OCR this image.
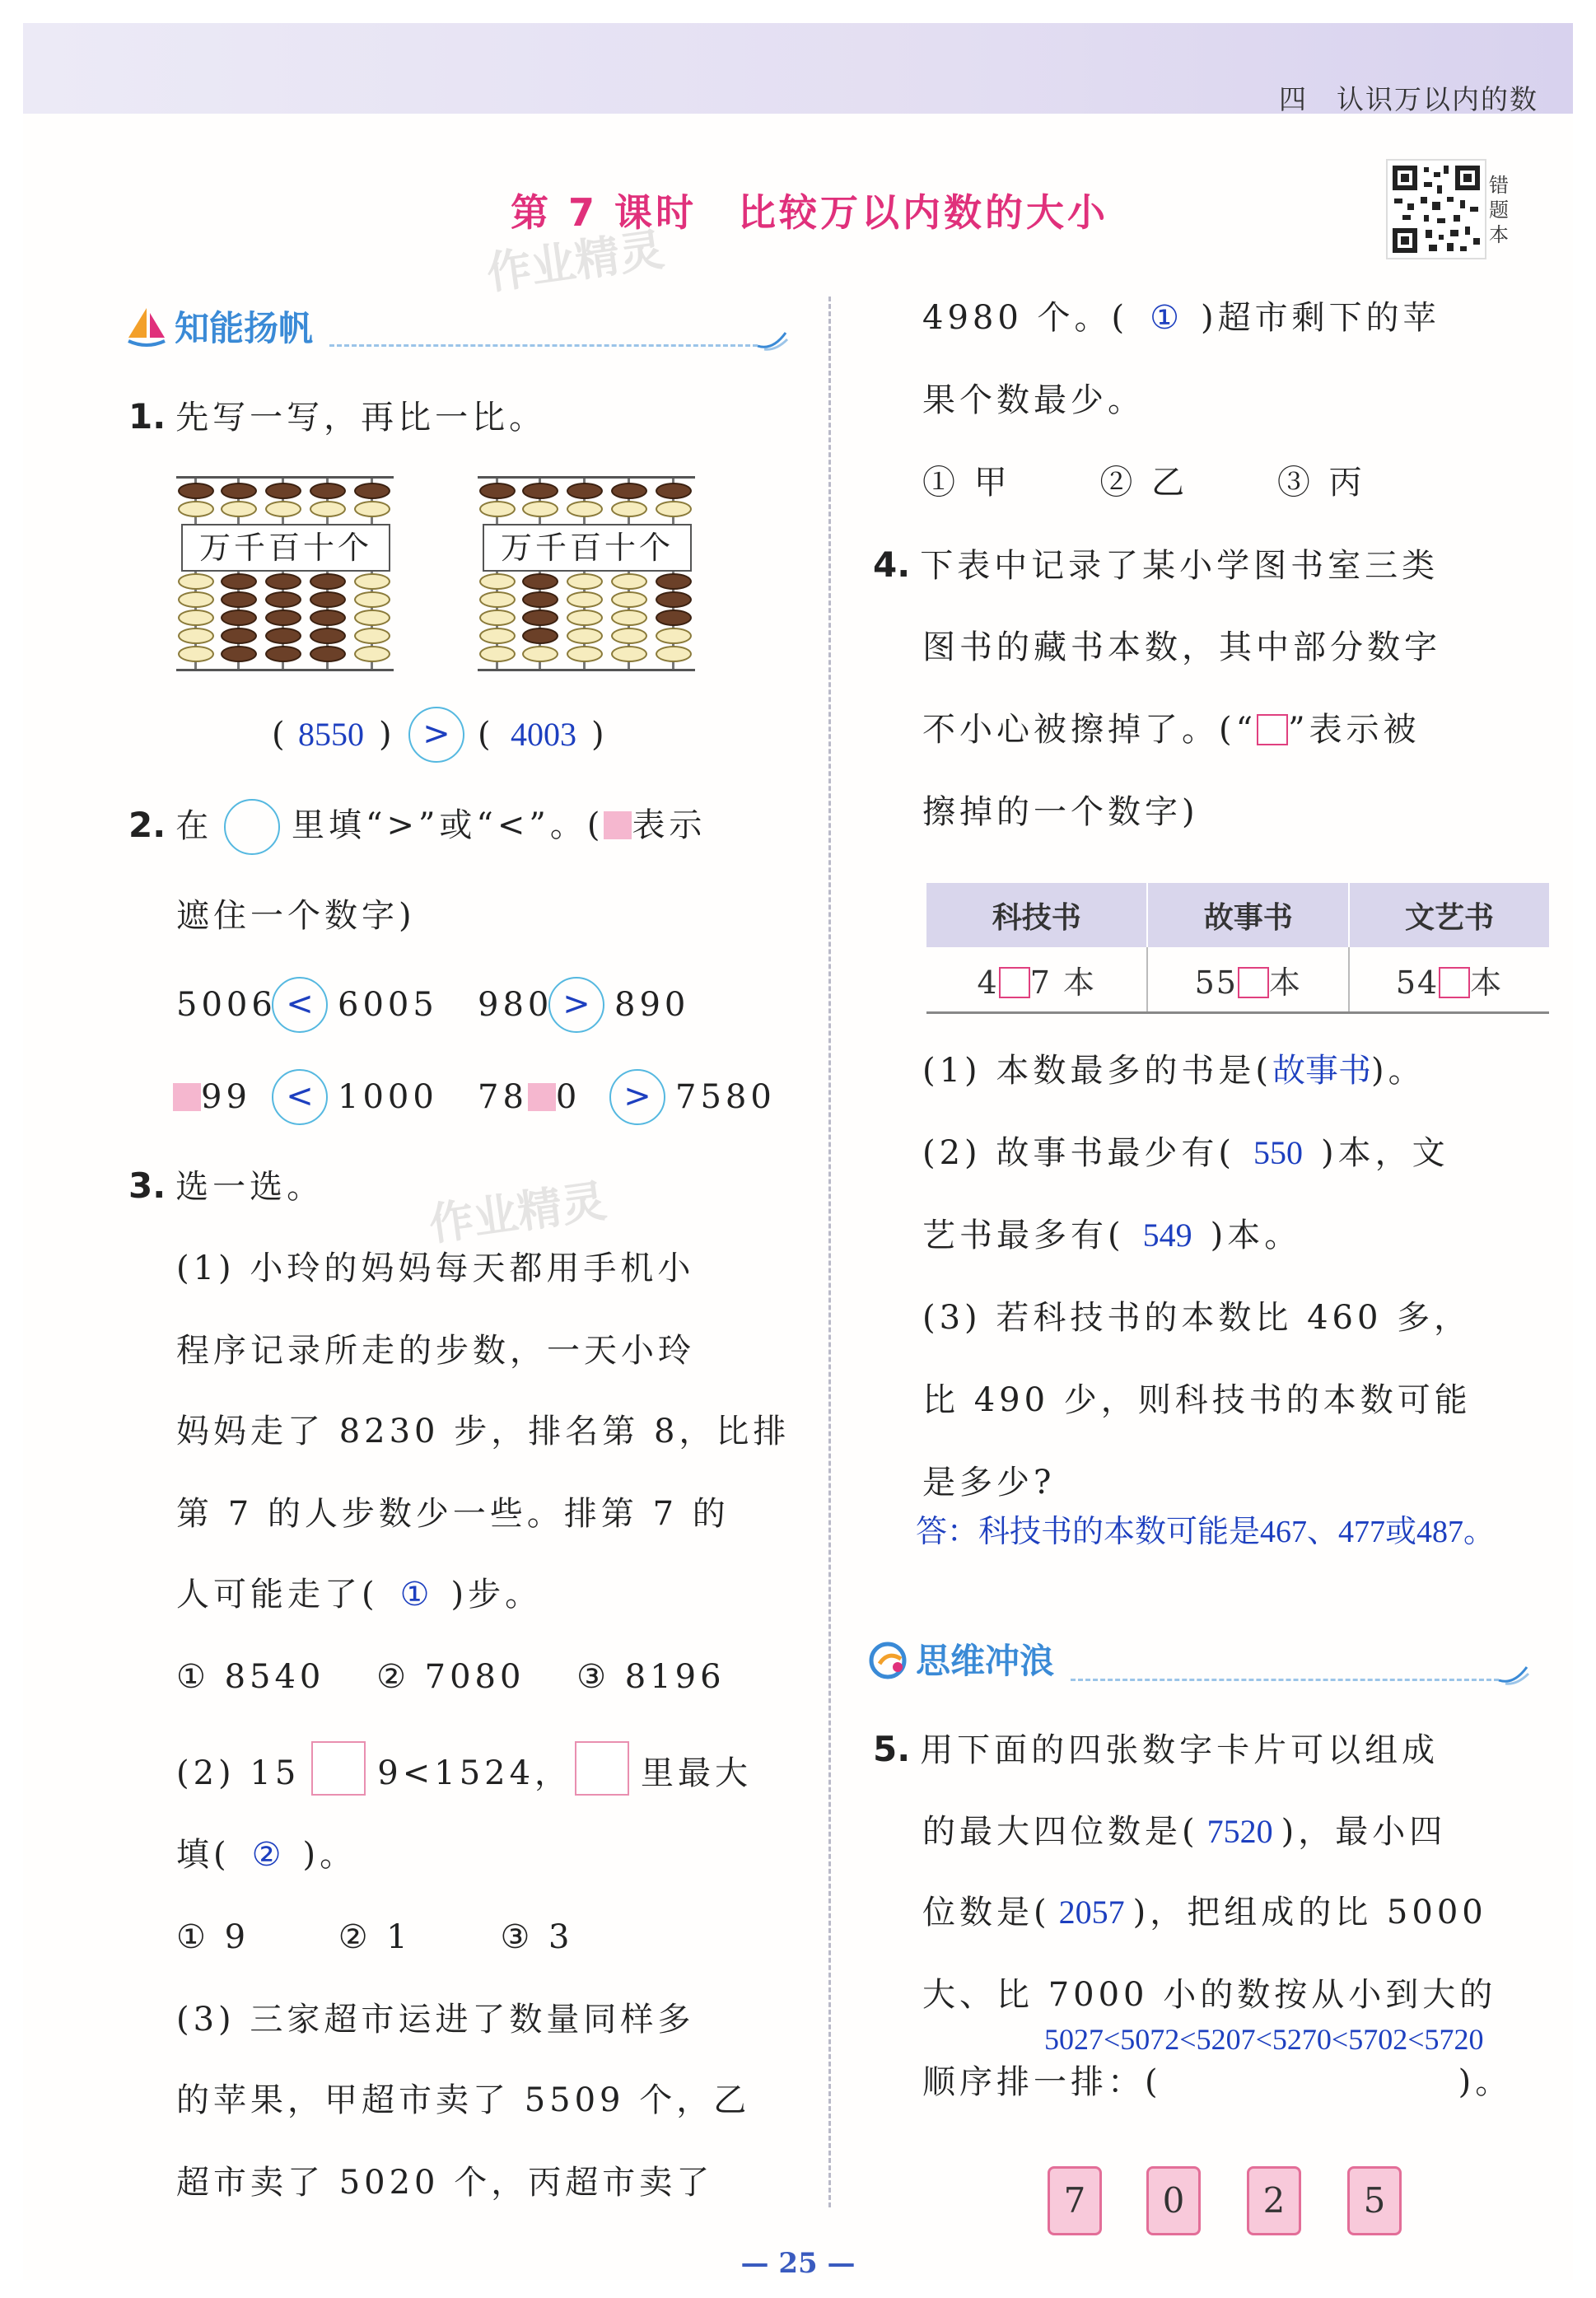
四　认识万以内的数
第 7 课时　比较万以内数的大小
作业精灵
作业精灵
错题本
知能扬帆
1. 先写一写，再比一比。
万千百十个	万千百十个
( 8550 ) > ( 4003 )
2. 在 里填“>”或“<”。( 表示
遮住一个数字)
5006 < 6005 980 > 890
99	< 1000 78 0	> 7580
3. 选一选。
(1) 小玲的妈妈每天都用手机小
程序记录所走的步数，一天小玲
妈妈走了 8230 步，排名第 8，比排
第 7 的人步数少一些。排第 7 的
人可能走了( ① )步。
① 8540　 ② 7080　 ③ 8196
(2) 15 9<1524， 里最大
填( ② )。
① 9　　 ② 1　　 ③ 3
(3) 三家超市运进了数量同样多
的苹果，甲超市卖了 5509 个，乙
超市卖了 5020 个，丙超市卖了
4980 个。( ① )超市剩下的苹
果个数最少。
① 甲　　 ② 乙　　 ③ 丙
4. 下表中记录了某小学图书室三类
图书的藏书本数，其中部分数字
不小心被擦掉了。(“ ”表示被
擦掉的一个数字)
科技书	故事书	文艺书
4 7 本	55 本	54 本
(1) 本数最多的书是(故事书)。
(2) 故事书最少有( 550 )本，文
艺书最多有( 549 )本。
(3) 若科技书的本数比 460 多，
比 490 少，则科技书的本数可能
是多少?
答：科技书的本数可能是467、477或487。
思维冲浪
5. 用下面的四张数字卡片可以组成
的最大四位数是( 7520 )，最小四
位数是( 2057 )，把组成的比 5000
大、比 7000 小的数按从小到大的
5027<5072<5207<5270<5702<5720
顺序排一排：(	)。
7	0	2	5
— 25 —
